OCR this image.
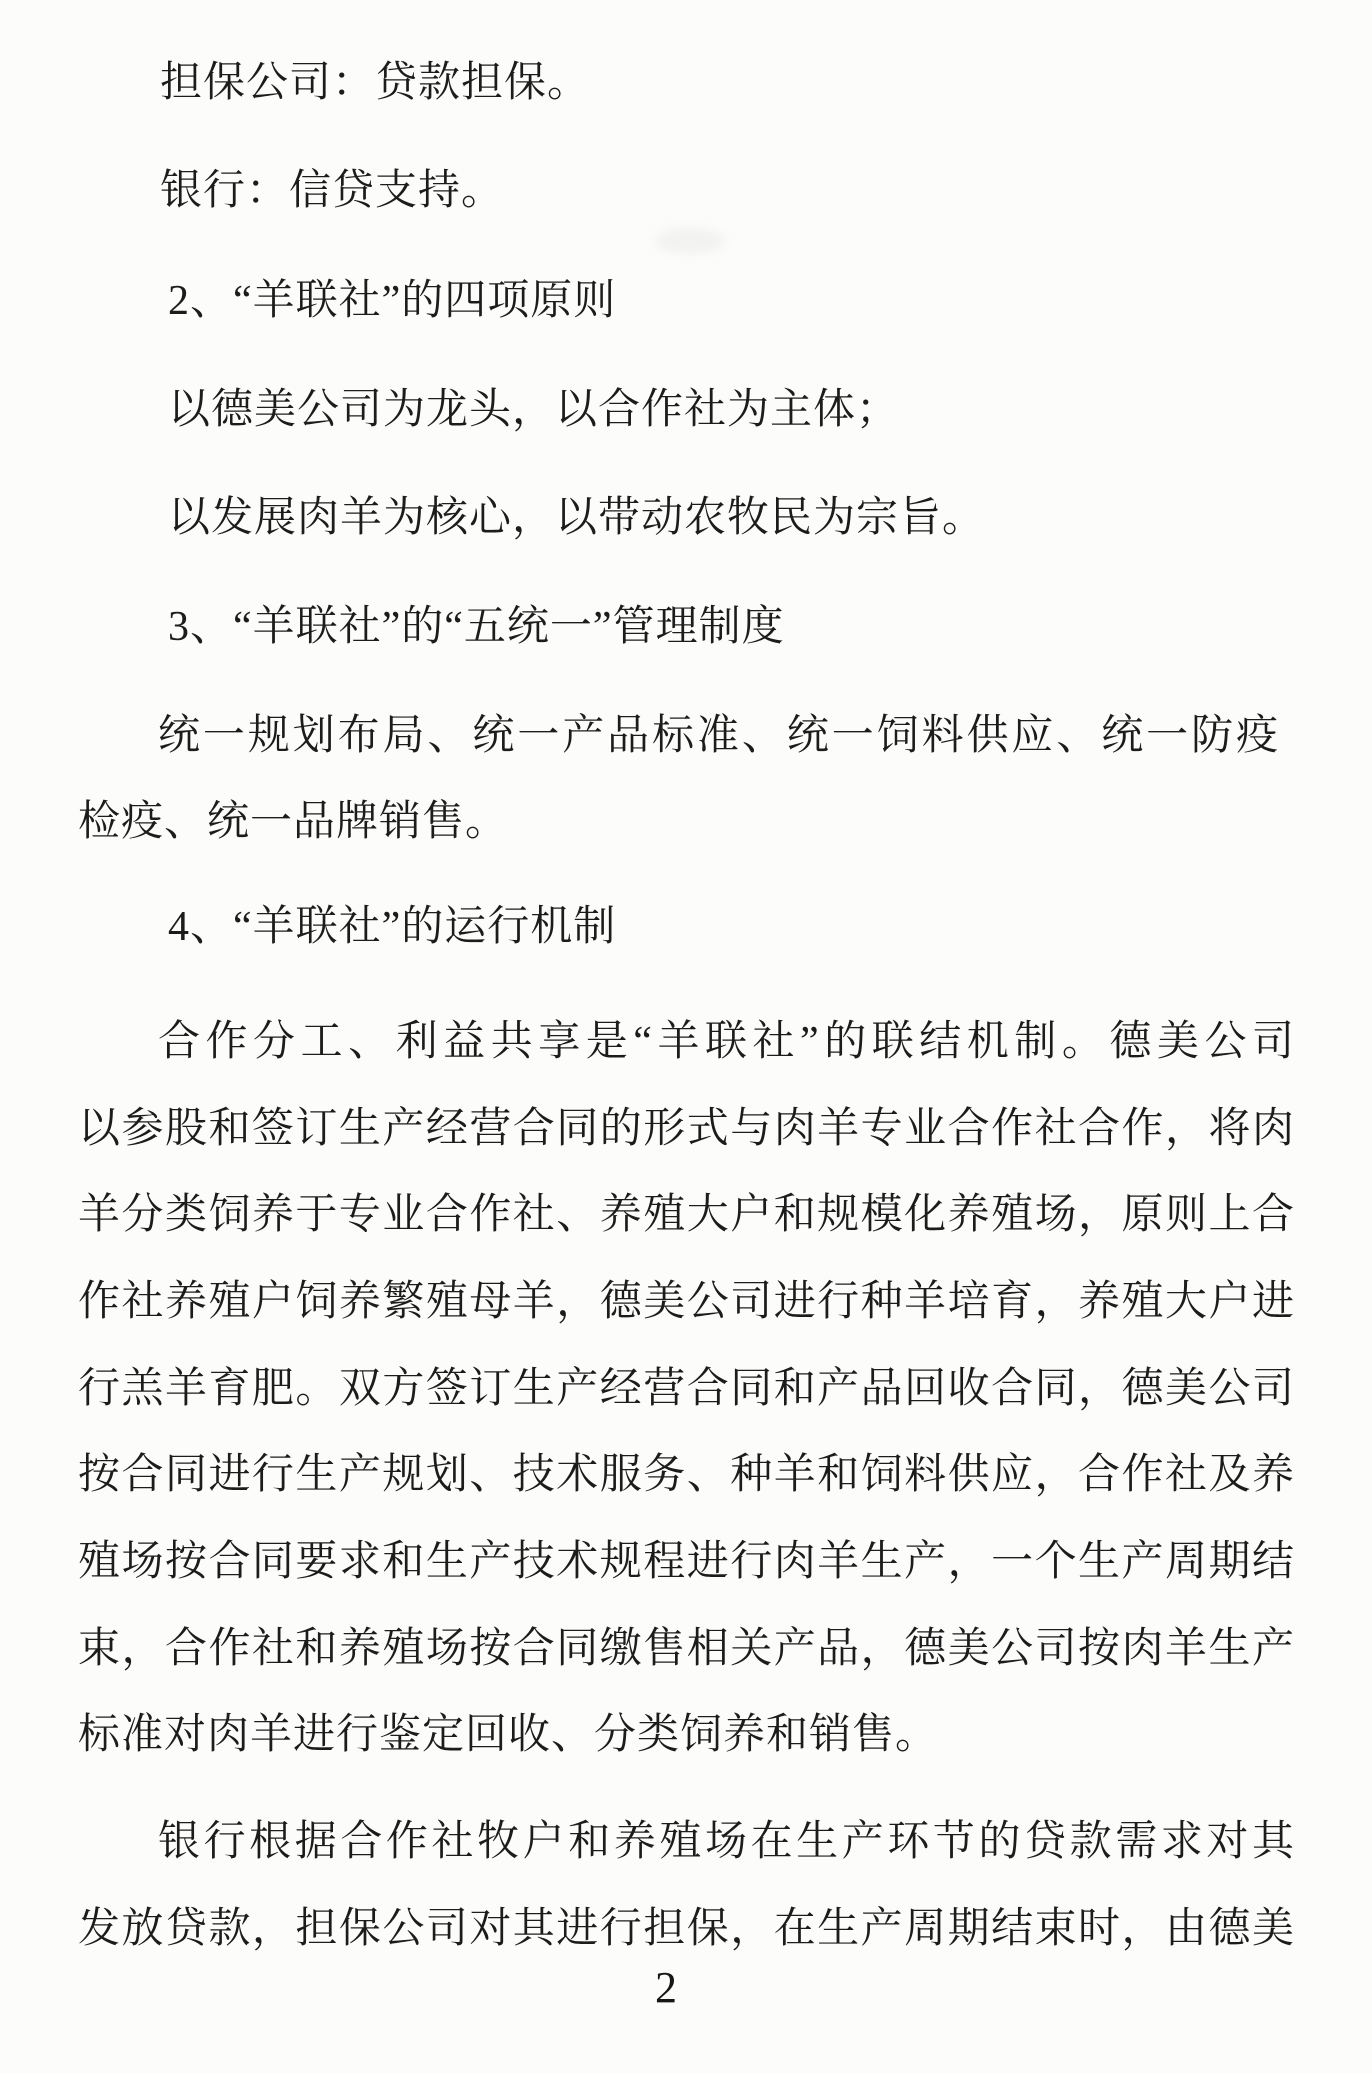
担保公司：贷款担保。
银行：信贷支持。
2、“羊联社”的四项原则
以德美公司为龙头，以合作社为主体；
以发展肉羊为核心，以带动农牧民为宗旨。
3、“羊联社”的“五统一”管理制度
统一规划布局、统一产品标准、统一饲料供应、统一防疫
检疫、统一品牌销售。
4、“羊联社”的运行机制
合作分工、利益共享是“羊联社”的联结机制。德美公司
以参股和签订生产经营合同的形式与肉羊专业合作社合作，将肉
羊分类饲养于专业合作社、养殖大户和规模化养殖场，原则上合
作社养殖户饲养繁殖母羊，德美公司进行种羊培育，养殖大户进
行羔羊育肥。双方签订生产经营合同和产品回收合同，德美公司
按合同进行生产规划、技术服务、种羊和饲料供应，合作社及养
殖场按合同要求和生产技术规程进行肉羊生产，一个生产周期结
束，合作社和养殖场按合同缴售相关产品，德美公司按肉羊生产
标准对肉羊进行鉴定回收、分类饲养和销售。
银行根据合作社牧户和养殖场在生产环节的贷款需求对其
发放贷款，担保公司对其进行担保，在生产周期结束时，由德美
2
